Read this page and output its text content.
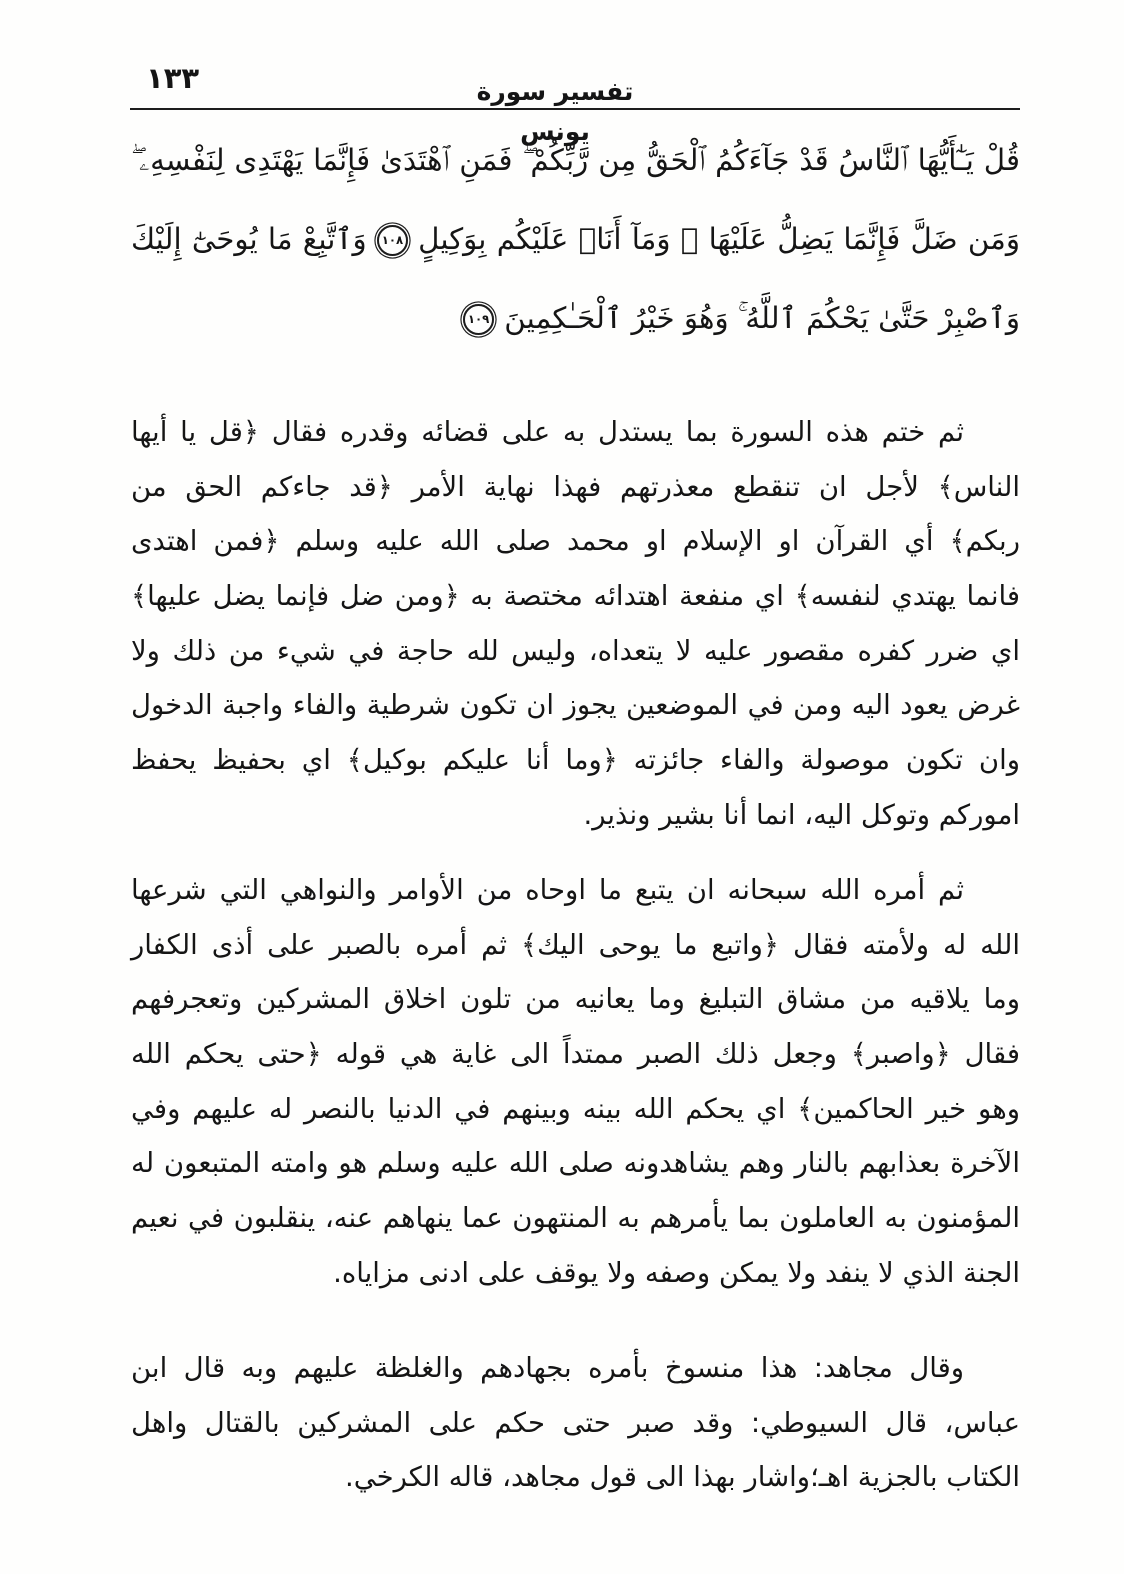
١٣٣	تفسير سورة يونس
قُلْ يَـٰٓأَيُّهَا ٱلنَّاسُ قَدْ جَآءَكُمُ ٱلْحَقُّ مِن رَّبِّكُمْ ۖ فَمَنِ ٱهْتَدَىٰ فَإِنَّمَا يَهْتَدِى لِنَفْسِهِۦ ۖ
وَمَن ضَلَّ فَإِنَّمَا يَضِلُّ عَلَيْهَا ۖ وَمَآ أَنَا۠ عَلَيْكُم بِوَكِيلٍ
١٠٨
وَٱتَّبِعْ مَا يُوحَىٰٓ إِلَيْكَ
وَٱصْبِرْ حَتَّىٰ يَحْكُمَ ٱللَّهُ ۚ وَهُوَ خَيْرُ ٱلْحَـٰكِمِينَ
١٠٩
ثم ختم هذه السورة بما يستدل به على قضائه وقدره فقال ﴿قل يا أيها
الناس﴾ لأجل ان تنقطع معذرتهم فهذا نهاية الأمر ﴿قد جاءكم الحق من
ربكم﴾ أي القرآن او الإسلام او محمد صلى الله عليه وسلم ﴿فمن اهتدى
فانما يهتدي لنفسه﴾ اي منفعة اهتدائه مختصة به ﴿ومن ضل فإنما يضل عليها﴾
اي ضرر كفره مقصور عليه لا يتعداه، وليس لله حاجة في شيء من ذلك ولا
غرض يعود اليه ومن في الموضعين يجوز ان تكون شرطية والفاء واجبة الدخول
وان تكون موصولة والفاء جائزته ﴿وما أنا عليكم بوكيل﴾ اي بحفيظ يحفظ
اموركم وتوكل اليه، انما أنا بشير ونذير.
ثم أمره الله سبحانه ان يتبع ما اوحاه من الأوامر والنواهي التي شرعها
الله له ولأمته فقال ﴿واتبع ما يوحى اليك﴾ ثم أمره بالصبر على أذى الكفار
وما يلاقيه من مشاق التبليغ وما يعانيه من تلون اخلاق المشركين وتعجرفهم
فقال ﴿واصبر﴾ وجعل ذلك الصبر ممتداً الى غاية هي قوله ﴿حتى يحكم الله
وهو خير الحاكمين﴾ اي يحكم الله بينه وبينهم في الدنيا بالنصر له عليهم وفي
الآخرة بعذابهم بالنار وهم يشاهدونه صلى الله عليه وسلم هو وامته المتبعون له
المؤمنون به العاملون بما يأمرهم به المنتهون عما ينهاهم عنه، ينقلبون في نعيم
الجنة الذي لا ينفد ولا يمكن وصفه ولا يوقف على ادنى مزاياه.
وقال مجاهد: هذا منسوخ بأمره بجهادهم والغلظة عليهم وبه قال ابن
عباس، قال السيوطي: وقد صبر حتى حكم على المشركين بالقتال واهل
الكتاب بالجزية اهـ؛واشار بهذا الى قول مجاهد، قاله الكرخي.
